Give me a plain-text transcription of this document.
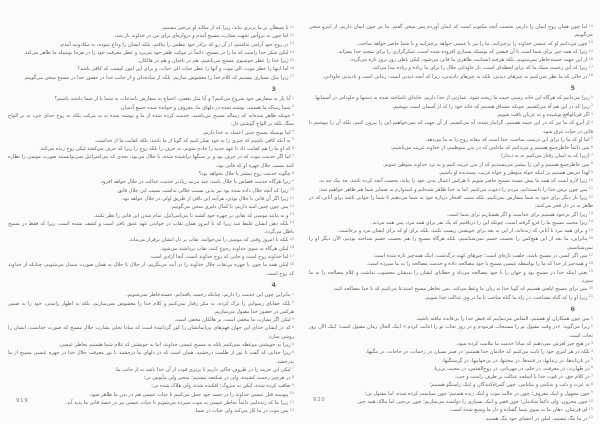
11تا شیطان بر ما برتری نیابد، زیرا که از مکاید او بی‌خبر نیستیم.

12اما چون به تروآس بجهت بشارت مسیح آمدم و دروازه‌ای برای من در خداوند باز شد،

13در روح خود آرامی نداشتم، از آن رو که برادر خود تیطس را نیافتم، بلکه ایشان را وداع نموده، به مکادونیه آمدم.

14لیکن شکر خدا راست که ما را در مسیح، دائماً در موکب ظفر خود می‌برد و عطر معرفت خود را در هرجا بوسیله ما ظاهر می‌کند.

15زیرا خدا را عطر خوشبوی مسیح می‌باشیم، هم در ناجیان و هم در هالکان.

16اما اینها را عطر موت، الی موت و آنها را عطر حیات الی حیات. و برای این امور کیست که کافی باشد؟

17زیرا مثل بسیاری نیستیم که کلام خدا را مغشوش سازیم، بلکه از ساده‌دلی و از جانب خدا در حضور خدا در مسیح سخن می‌گوییم.

3

1آیا باز به سفارش خود شروع می‌کنیم؟ و آیا مثل بعضی، احتیاج به سفارش نامه‌جات به شما یا از شما داشته باشیم؟

2شما رساله ما هستید، نوشته شده در دلهای ما، معروف و خوانده شده جمیع آدمیان.

3چونکه ظاهر شده‌اید که رساله مسیح می‌باشید، خدمت کرده شده از ما و نوشته شده نه به مرکب بلکه به روح خدای حی، نه بر الواح سنگ بلکه بر الواح گوشتی دل.

4اما بوسیله مسیح چنین اعتماد به خدا داریم.

5نه آنکه کافی باشیم که چیزی را به خود تفکر کنیم که گویا از ما باشد، بلکه کفایت ما از خداست.

6که او ما را هم کفایت داد تا عهد جدید را خادم شویم، نه حرف را بلکه روح را زیرا که حرف می‌کشد لیکن روح زنده می‌کند.

7اما اگر خدمت موت که در حرف بود و بر سنگها تراشیده شده، با جلال می‌بود، بحدی که بنی‌اسرائیل نمی‌توانستند صورت موسی را نظاره کنند بسبب جلال چهره او که فانی بود،

8چگونه خدمت روح بیشتر با جلال نخواهد بود؟

9زیرا هرگاه خدمت قصاص با جلال باشد، چند مرتبه زیادتر خدمت عدالت در جلال خواهد افزود.

10زیرا که آنچه جلال داده شده بود نیز بدین نسبت جلالی نداشت بسبب این جلال فایق.

11زیرا اگر آن فانی با جلال بودی، هرآینه این باقی از طریق اولی در جلال خواهد بود.

12پس چون چنین امید داریم، با کمال دلیری سخن می‌گوییم.

13و نه مانند موسی که نقابی بر چهره خود کشید تا بنی‌اسرائیل، تمام شدن این فانی را نظر نکنند،

14بلکه ذهن ایشان غلیظ شد زیرا که تا امروز همان نقاب در خواندن عهد عتیق باقی است و کشف نشده است، زیرا که فقط در مسیح باطل می‌گردد.

15بلکه تا امروز وقتی که موسی را می‌خوانند، نقاب بر دل ایشان برقرار می‌ماند.

16لیکن هرگاه به سوی خداوند رجوع کنند، نقاب برداشته می‌شود.

17اما خداوند روح است و جایی که روح خداوند است، آنجا آزادی است.

18لیکن همه ما چون با چهره بی‌نقاب جلال خداوند را در آینه می‌نگریم، از جلال تا جلال به همان صورت متبدل می‌شویم، چنانکه از خداوند که روح است.

4

1بنابراین چون این خدمت را داریم، چنانکه رحمت یافته‌ایم، خسته‌خاطر نمی‌شویم.

2بلکه خفایای رسوایی را ترک کرده، به مکر رفتار نمی‌کنیم و کلام خدا را مغشوش نمی‌سازیم، بلکه به اظهار راستی، خود را به ضمیر هرکس در حضور خدا مقبول می‌سازیم.

3لیکن اگر بشارت ما مخفی است، بر هالکان مخفی است،

4که در ایشان خدای این جهان فهم‌های بی‌ایمانشان را کور گردانیده است که مبادا تجلی بشارت جلال مسیح که صورت خداست، ایشان را روشن سازد.

5زیرا به خویشتن موعظه نمی‌کنیم بلکه به مسیح عیسی خداوند، اما به خویشتن که غلام شما هستیم بخاطر عیسی.

6زیرا خدایی که گفت تا نور از ظلمت درخشید، همان است که در دلهای ما درخشید تا نور معرفت جلال خدا در چهره عیسی مسیح از ما بدرخشد.

7لیکن این خزینه را در ظروف خاکی داریم تا برتری قوت از آن خدا باشد نه از جانب ما.

8در هرچیز زحمت کشیده، ولی در شکنجه نیستیم؛ متحیر ولی مأیوس نی؛

9تعاقب کرده شده، لیکن نه متروک؛ افکنده شده، ولی هلاک شده نی؛

10پیوسته قتل عیسی خداوند را در جسد خود حمل می‌کنیم تا حیات عیسی هم در بدن ما ظاهر شود.

11زیرا ما که زنده‌ایم، دائماً بخاطر عیسی به موت سپرده می‌شویم تا حیات عیسی نیز در جسد فانی ما پدید آید.

12پس موت در ما کار می‌کند ولی حیات در شما.

13اما چون همان روح ایمان را داریم، بحسب آنچه مکتوب است که ایمان آوردم پس سخن گفتم، ما نیز چون ایمان داریم، از اینرو سخن می‌گوییم.

14چون می‌دانیم او که عیسی خداوند را برخیزانید، ما را نیز با عیسی خواهد برخیزانید و با شما حاضر خواهد ساخت.

15زیرا که همه چیز برای شما است تا آن فیضی که بوسیله بسیاری افزوده شده است، شکرگزاری را برای تمجید خدا بیفزاید.

16از این جهت خسته‌خاطر نمی‌شویم، بلکه هرچند انسانیت ظاهری ما فانی می‌شود، لیکن باطن روز بروز تازه می‌گردد.

17زیرا که این زحمت سبک ما که برای لحظه‌ای است، بار جاودانی جلال را برای ما زیاده و زیاده پیدا می‌کند.

18در حالی که ما نظر نمی‌کنیم به چیزهای دیدنی، بلکه به چیزهای نادیدنی، زیرا که آنچه دیدنی است، زمانی است و نادیدنی جاودانی.

5

1زیرا می‌دانیم که هرگاه این خانه زمینی خیمه ما ریخته شود، عمارتی از خدا داریم، خانه‌ای ناساخته شده به دستها و جاودانی در آسمانها.

2زیرا که در این هم آه می‌کشیم، چونکه مشتاق هستیم که خانه خود را که از آسمان است بپوشیم،

3اگر فی‌الواقع پوشیده و نه عریان یافت شویم.

4از آنرو که ما نیز که در این خیمه هستیم، گرانبار شده، آه می‌کشیم، از آن جهت که نمی‌خواهیم این را بیرون کنیم، بلکه آن را بپوشیم تا فانی در حیات غرق شود.

5اما او که ما را برای این درست ساخت، خدا است که بیعانه روح را به ما می‌دهد.

6پس دائماً خاطرجمع هستیم و می‌دانیم که مادامی که در بدن متوطنیم، از خداوند غریب می‌باشیم.

7(زیرا که به ایمان رفتار می‌کنیم نه به دیدار)

8پس خاطرجمع هستیم و این را بیشتر می‌پسندیم که از بدن غربت کنیم و به نزد خداوند متوطن شویم.

9لهذا حریص هستیم بر اینکه خواه متوطن و خواه غریب، پسندیده او باشیم.

10زیرا لازم است که همه ما پیش مسند مسیح حاضر شویم تا هرکس اعمال بدنی خود را بیابد، بحسب آنچه کرده باشد، چه نیک چه بد.

11پس چون ترس خدا را دانسته‌ایم، مردم را دعوت می‌کنیم. اما به خدا ظاهر شده‌ایم و امیدوارم به ضمایر شما هم ظاهر خواهیم شد.

12زیرا بار دیگر برای خود به شما سفارش نمی‌کنیم، بلکه سبب افتخار درباره خود به شما می‌دهیم تا شما را جوابی باشد برای آنانی که در ظاهر نه در دل فخر می‌کنند.

13زیرا اگر بی‌خود هستیم برای خداست و اگر هشیاریم برای شما است.

14زیرا محبت مسیح ما را فرو گرفته است، چونکه این را دریافتیم که یک نفر برای همه مرد، پس همه مردند.

15و برای همه مرد تا آنانی که زنده‌اند، از این به بعد برای خویشتن زیست نکنند، بلکه برای او که برای ایشان مرد و برخاست.

16بنابراین، ما بعد از این هیچ‌کس را بحسب جسم نمی‌شناسیم، بلکه هرگاه مسیح را هم بحسب جسم شناخته بودیم، الآن دیگر او را نمی‌شناسیم.

17پس اگر کسی در مسیح باشد، خلقت تازه‌ای است؛ چیزهای کهنه درگذشت، اینک همه‌چیز تازه شده است.

18و همه‌چیز از خدا که ما را بواسطه عیسی مسیح با خود مصالحه داده و خدمت مصالحه را به ما سپرده است.

19یعنی اینکه خدا در مسیح بود و جهان را با خود مصالحه می‌داد و خطایای ایشان را بدیشان محسوب نداشت و کلام مصالحه را به ما سپرد.

20پس برای مسیح ایلچی هستیم که گویا خدا به زبان ما وعظ می‌کند. پس بخاطر مسیح استدعا می‌کنیم که با خدا مصالحه کنید.

21زیرا او را که گناه نشناخت، در راه ما گناه ساخت تا ما در وی عدالت خدا شویم.

6

1پس چون همکاران او هستیم، التماس می‌نماییم که فیض خدا را بی‌فایده نیافته باشید،

2زیرا می‌گوید: «در وقت مقبول تو را مستجاب فرمودم و در روز نجات تو را اعانت کردم.» اینک الحال زمان مقبول است؛ اینک الآن روز نجات است.

3در هیچ چیز لغزش نمی‌دهیم که مبادا خدمت ما ملامت کرده شود،

4بلکه در هر امری خود را ثابت می‌کنیم که خادمان خدا هستیم: در صبر بسیار، در زحمات، در حاجات، در تنگیها،

5در تازیانه‌ها، در زندانها، در فتنه‌ها، در محنتها، در بی‌خوابیها، در گرسنگیها،

6در طهارت، در معرفت، در حلم، در مهربانی، در روح‌القدس، در محبت بی‌ریا،

7در کلام حق، در قوت خدا با اسلحه عدالت بر طرف راست و چپ،

8به عزت و ذلت و بدنامی و نیکنامی. چون گمراه‌کنندگان و اینک راستگو هستیم؛

9چون مجهول و اینک معروف؛ چون در حالت موت و اینک زنده هستیم؛ چون سیاست کرده شده، اما مقتول نی؛

10چون محزون، ولی دائماً شادمان؛ چون فقیر و اینک بسیاری را دولتمند می‌سازیم؛ چون بی‌چیز، اما مالک همه چیز.

11ای قرنتیان، دهان ما به سوی شما گشاده و دل ما وسیع شده است.

12در ما تنگ نیستید، لیکن در احشای خود تنگ هستید.

919	920
